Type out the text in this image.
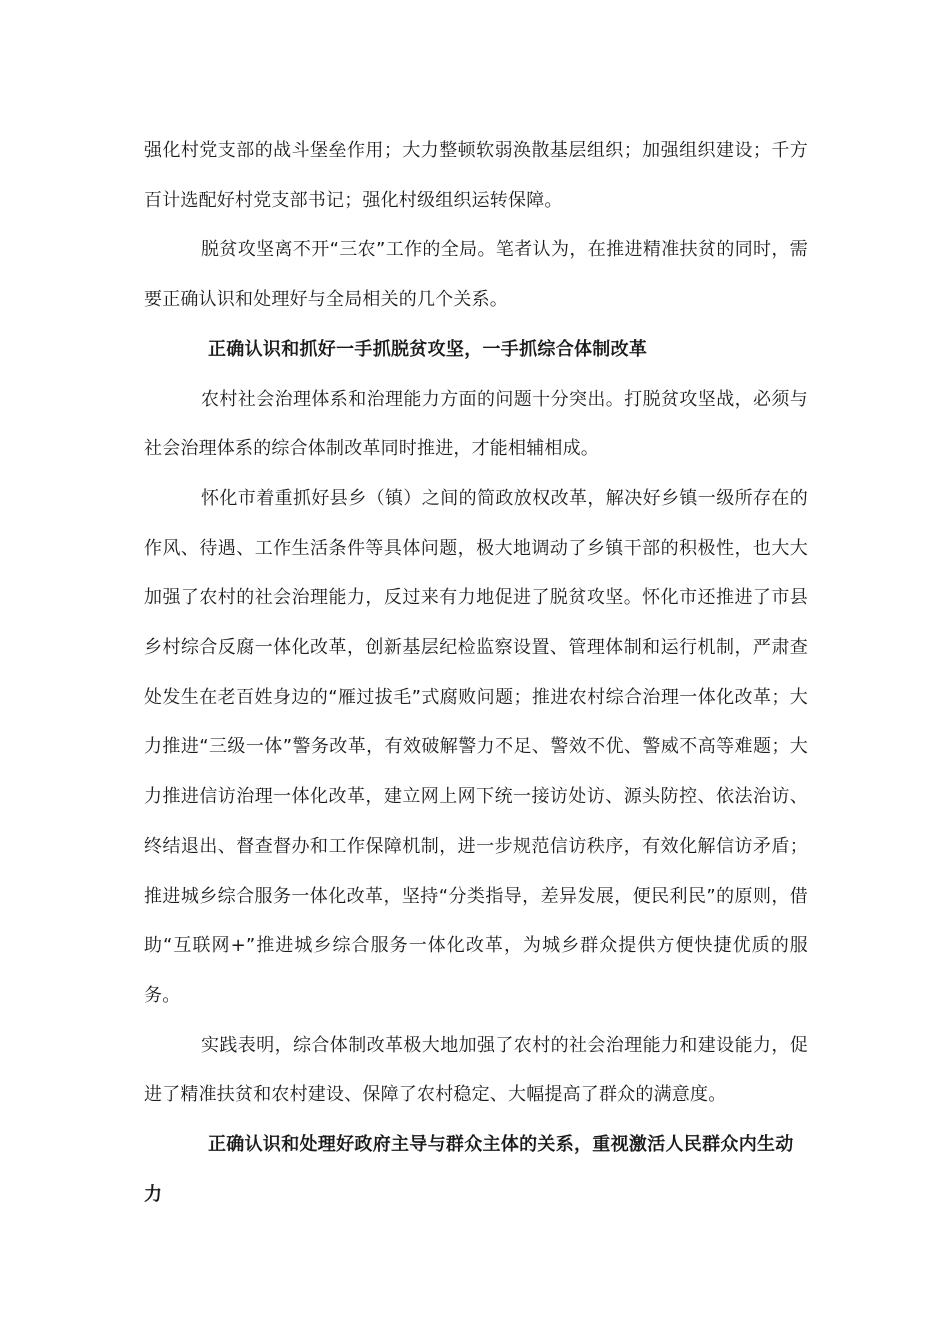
强化村党支部的战斗堡垒作用；大力整顿软弱涣散基层组织；加强组织建设；千方百计选配好村党支部书记；强化村级组织运转保障。

脱贫攻坚离不开“三农”工作的全局。笔者认为，在推进精准扶贫的同时，需要正确认识和处理好与全局相关的几个关系。

正确认识和抓好一手抓脱贫攻坚，一手抓综合体制改革

农村社会治理体系和治理能力方面的问题十分突出。打脱贫攻坚战，必须与社会治理体系的综合体制改革同时推进，才能相辅相成。

怀化市着重抓好县乡（镇）之间的简政放权改革，解决好乡镇一级所存在的作风、待遇、工作生活条件等具体问题，极大地调动了乡镇干部的积极性，也大大加强了农村的社会治理能力，反过来有力地促进了脱贫攻坚。怀化市还推进了市县乡村综合反腐一体化改革，创新基层纪检监察设置、管理体制和运行机制，严肃查处发生在老百姓身边的“雁过拔毛”式腐败问题；推进农村综合治理一体化改革；大力推进“三级一体”警务改革，有效破解警力不足、警效不优、警威不高等难题；大力推进信访治理一体化改革，建立网上网下统一接访处访、源头防控、依法治访、终结退出、督查督办和工作保障机制，进一步规范信访秩序，有效化解信访矛盾；推进城乡综合服务一体化改革，坚持“分类指导，差异发展，便民利民”的原则，借助“互联网+”推进城乡综合服务一体化改革，为城乡群众提供方便快捷优质的服务。

实践表明，综合体制改革极大地加强了农村的社会治理能力和建设能力，促进了精准扶贫和农村建设、保障了农村稳定、大幅提高了群众的满意度。

正确认识和处理好政府主导与群众主体的关系，重视激活人民群众内生动力
